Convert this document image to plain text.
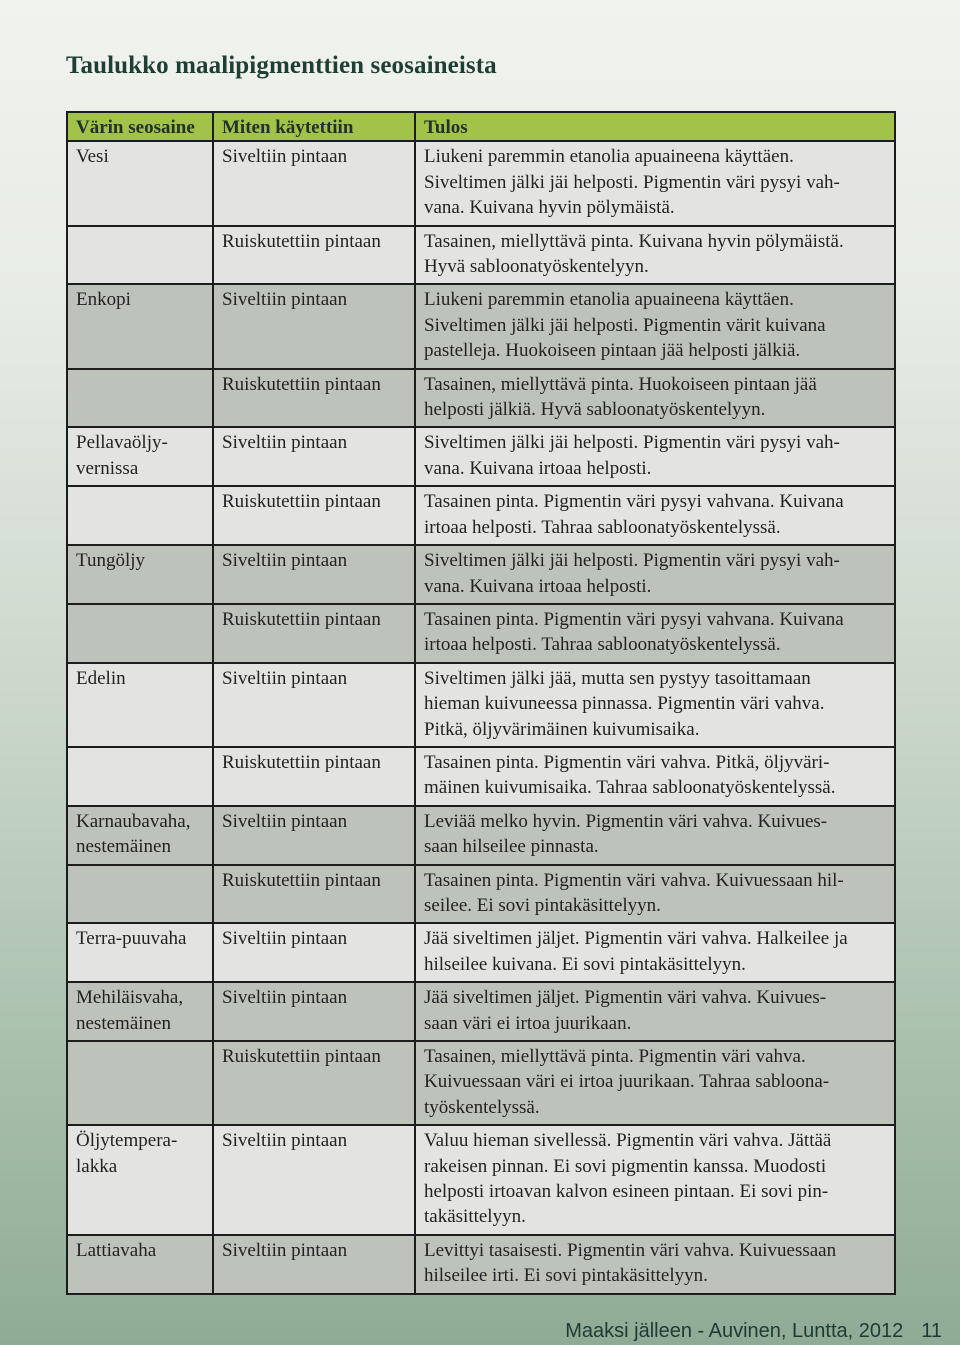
Taulukko maalipigmenttien seosaineista
Värin seosaine	Miten käytettiin	Tulos

Vesi	Siveltiin pintaan	Liukeni paremmin etanolia apuaineena käyttäen.
Siveltimen jälki jäi helposti. Pigmentin väri pysyi vah-
vana. Kuivana hyvin pölymäistä.

	Ruiskutettiin pintaan	Tasainen, miellyttävä pinta. Kuivana hyvin pölymäistä.
Hyvä sabloonatyöskentelyyn.

Enkopi	Siveltiin pintaan	Liukeni paremmin etanolia apuaineena käyttäen.
Siveltimen jälki jäi helposti. Pigmentin värit kuivana
pastelleja. Huokoiseen pintaan jää helposti jälkiä.

	Ruiskutettiin pintaan	Tasainen, miellyttävä pinta. Huokoiseen pintaan jää
helposti jälkiä. Hyvä sabloonatyöskentelyyn.

Pellavaöljy-
vernissa	Siveltiin pintaan	Siveltimen jälki jäi helposti. Pigmentin väri pysyi vah-
vana. Kuivana irtoaa helposti.

	Ruiskutettiin pintaan	Tasainen pinta. Pigmentin väri pysyi vahvana. Kuivana
irtoaa helposti. Tahraa sabloonatyöskentelyssä.

Tungöljy	Siveltiin pintaan	Siveltimen jälki jäi helposti. Pigmentin väri pysyi vah-
vana. Kuivana irtoaa helposti.

	Ruiskutettiin pintaan	Tasainen pinta. Pigmentin väri pysyi vahvana. Kuivana
irtoaa helposti. Tahraa sabloonatyöskentelyssä.

Edelin	Siveltiin pintaan	Siveltimen jälki jää, mutta sen pystyy tasoittamaan
hieman kuivuneessa pinnassa. Pigmentin väri vahva.
Pitkä, öljyvärimäinen kuivumisaika.

	Ruiskutettiin pintaan	Tasainen pinta. Pigmentin väri vahva. Pitkä, öljyväri-
mäinen kuivumisaika. Tahraa sabloonatyöskentelyssä.

Karnaubavaha,
nestemäinen	Siveltiin pintaan	Leviää melko hyvin. Pigmentin väri vahva. Kuivues-
saan hilseilee pinnasta.

	Ruiskutettiin pintaan	Tasainen pinta. Pigmentin väri vahva. Kuivuessaan hil-
seilee. Ei sovi pintakäsittelyyn.

Terra-puuvaha	Siveltiin pintaan	Jää siveltimen jäljet. Pigmentin väri vahva. Halkeilee ja
hilseilee kuivana. Ei sovi pintakäsittelyyn.

Mehiläisvaha,
nestemäinen	Siveltiin pintaan	Jää siveltimen jäljet. Pigmentin väri vahva. Kuivues-
saan väri ei irtoa juurikaan.

	Ruiskutettiin pintaan	Tasainen, miellyttävä pinta. Pigmentin väri vahva.
Kuivuessaan väri ei irtoa juurikaan. Tahraa sabloona-
työskentelyssä.

Öljytempera-
lakka	Siveltiin pintaan	Valuu hieman sivellessä. Pigmentin väri vahva. Jättää
rakeisen pinnan. Ei sovi pigmentin kanssa. Muodosti
helposti irtoavan kalvon esineen pintaan. Ei sovi pin-
takäsittelyyn.

Lattiavaha	Siveltiin pintaan	Levittyi tasaisesti. Pigmentin väri vahva. Kuivuessaan
hilseilee irti. Ei sovi pintakäsittelyyn.
Maaksi jälleen - Auvinen, Luntta, 2012 11
